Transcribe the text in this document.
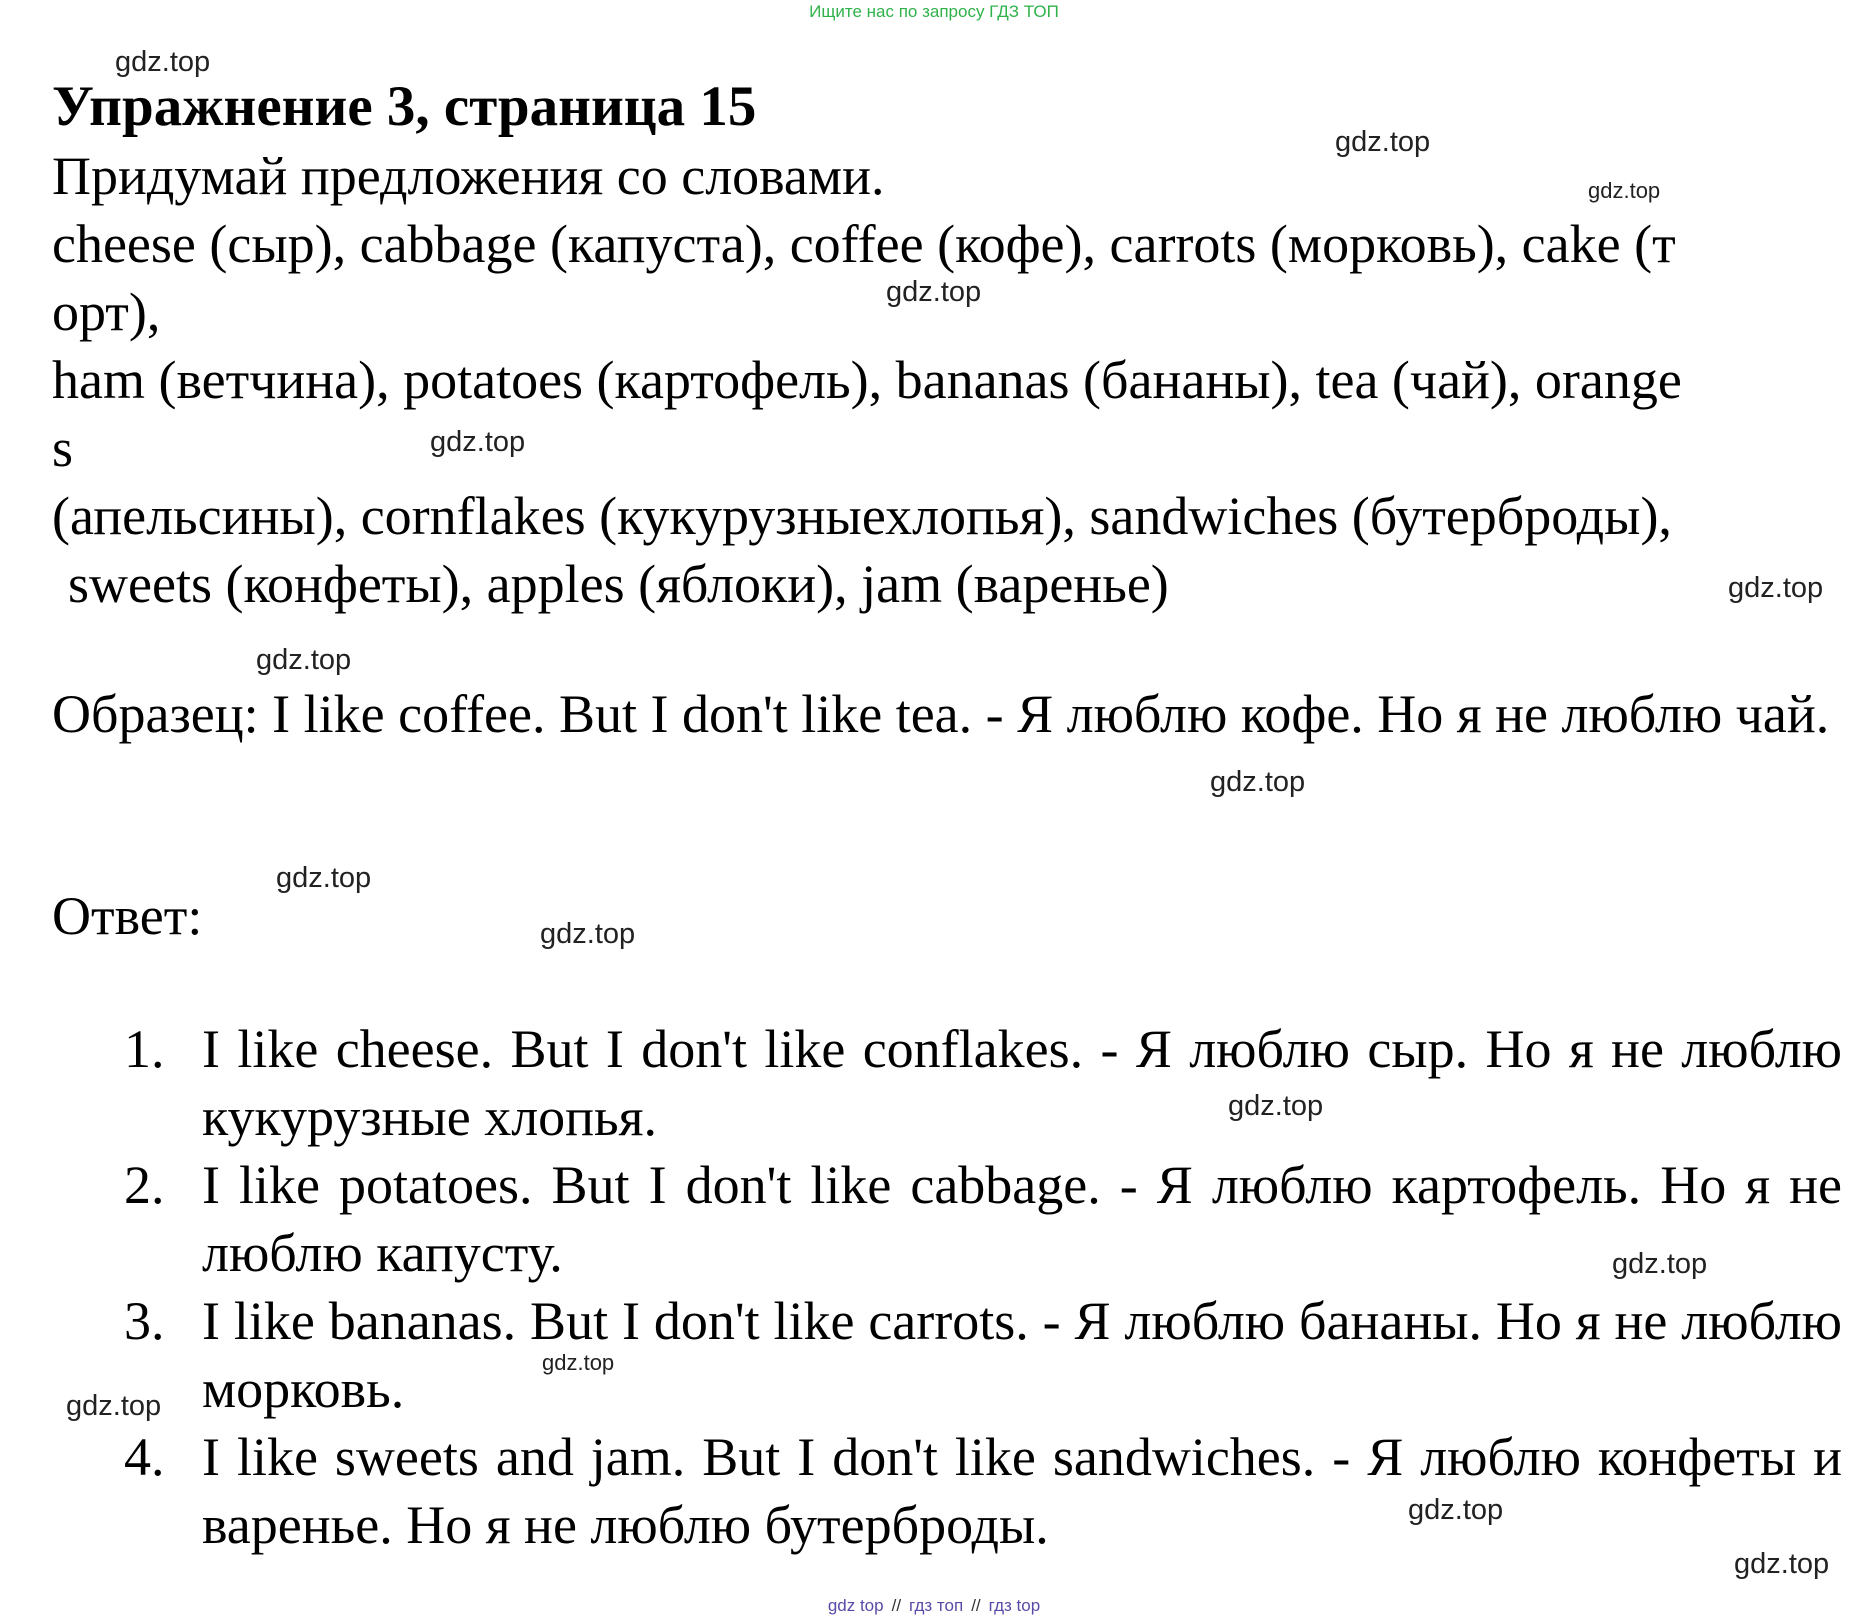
Ищите нас по запросу ГДЗ ТОП
Упражнение 3, страница 15
Придумай предложения со словами.
cheese (сыр), cabbage (капуста), coffee (кофе), carrots (морковь), cake (т
орт),
ham (ветчина), potatoes (картофель), bananas (бананы), tea (чай), orange
s
(апельсины), cornflakes (кукурузныехлопья), sandwiches (бутерброды),
sweets (конфеты), apples (яблоки), jam (варенье)
Образец: I like coffee. But I don't like tea. - Я люблю кофе. Но я не люблю чай.
Ответ:
1. I like cheese. But I don't like conflakes. - Я люблю сыр. Но я не люблю кукурузные хлопья.
2. I like potatoes. But I don't like cabbage. - Я люблю картофель. Но я не люблю капусту.
3. I like bananas. But I don't like carrots. - Я люблю бананы. Но я не люблю морковь.
4. I like sweets and jam. But I don't like sandwiches. - Я люблю конфеты и варенье. Но я не люблю бутерброды.
gdz.top
gdz.top
gdz.top
gdz.top
gdz.top
gdz.top
gdz.top
gdz.top
gdz.top
gdz.top
gdz.top
gdz.top
gdz.top
gdz.top
gdz.top
gdz.top
gdz top // гдз топ // гдз top
